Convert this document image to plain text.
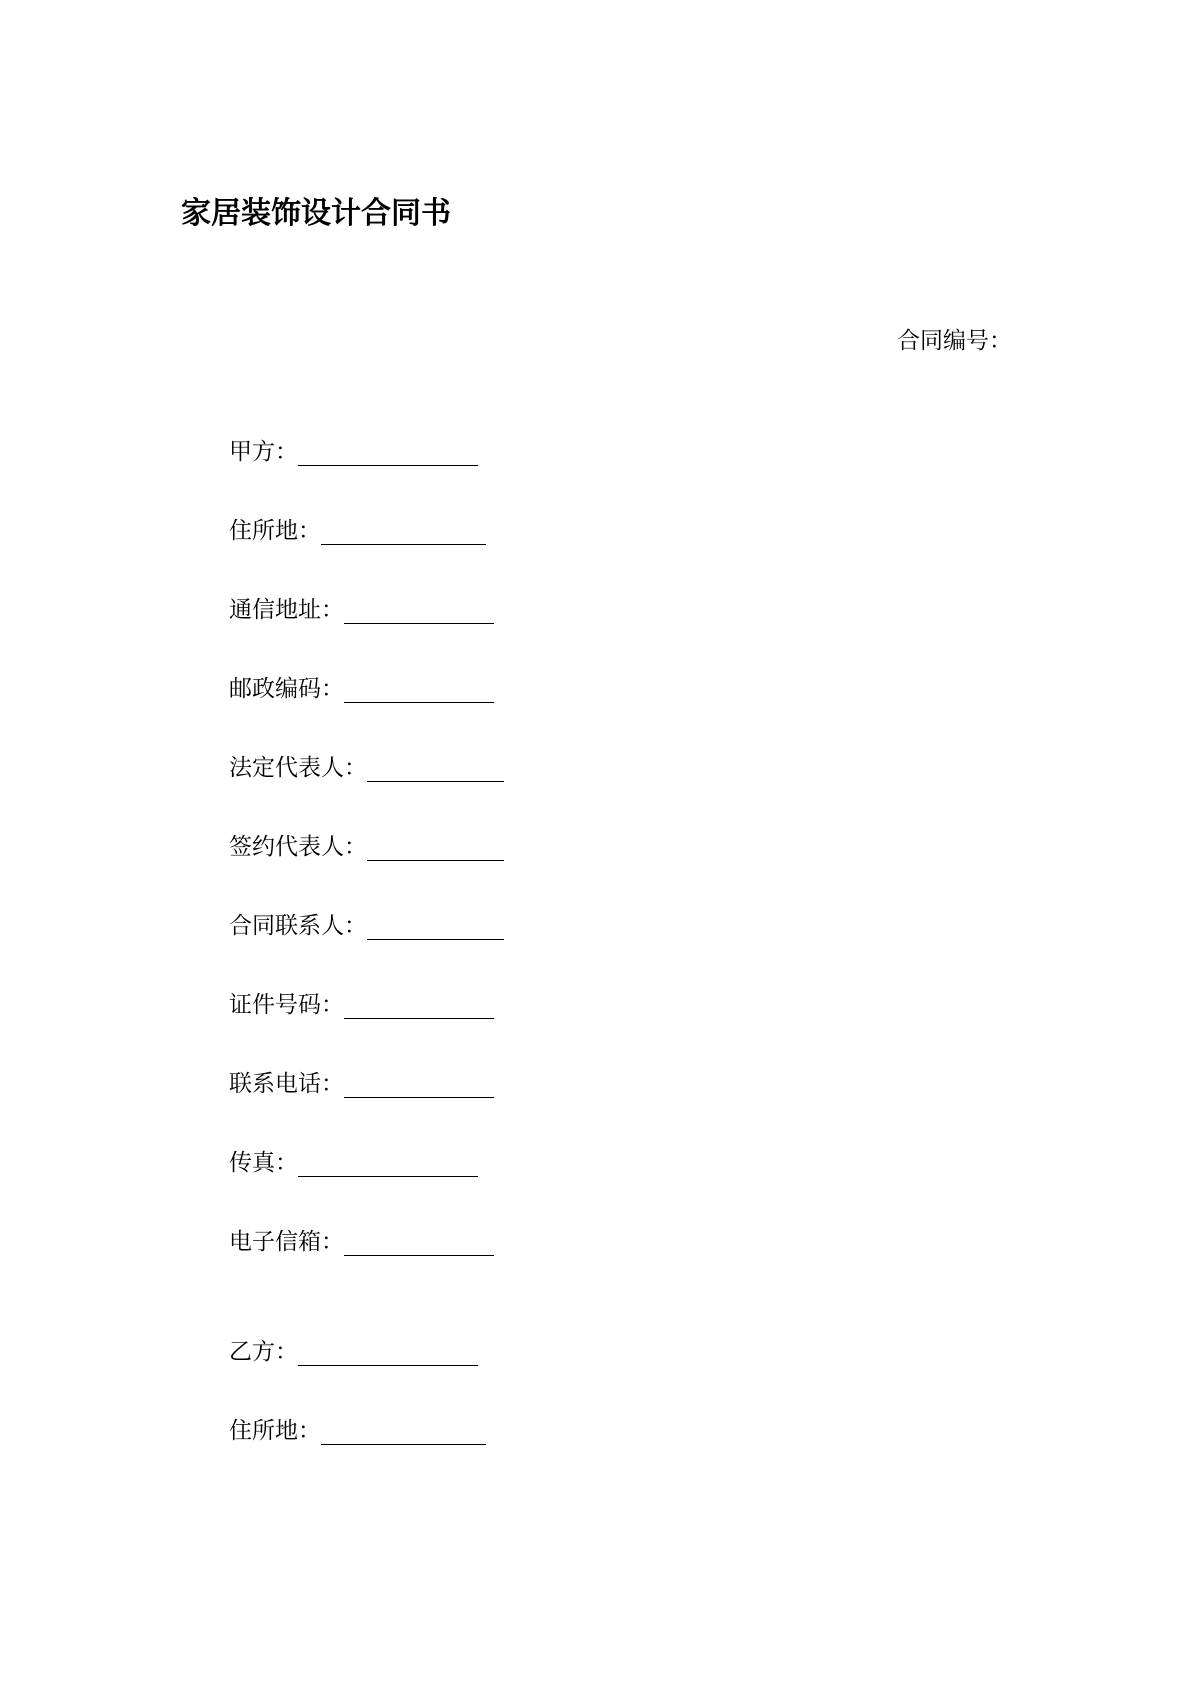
家居装饰设计合同书
合同编号：
甲方：
住所地：
通信地址：
邮政编码：
法定代表人：
签约代表人：
合同联系人：
证件号码：
联系电话：
传真：
电子信箱：
乙方：
住所地：
